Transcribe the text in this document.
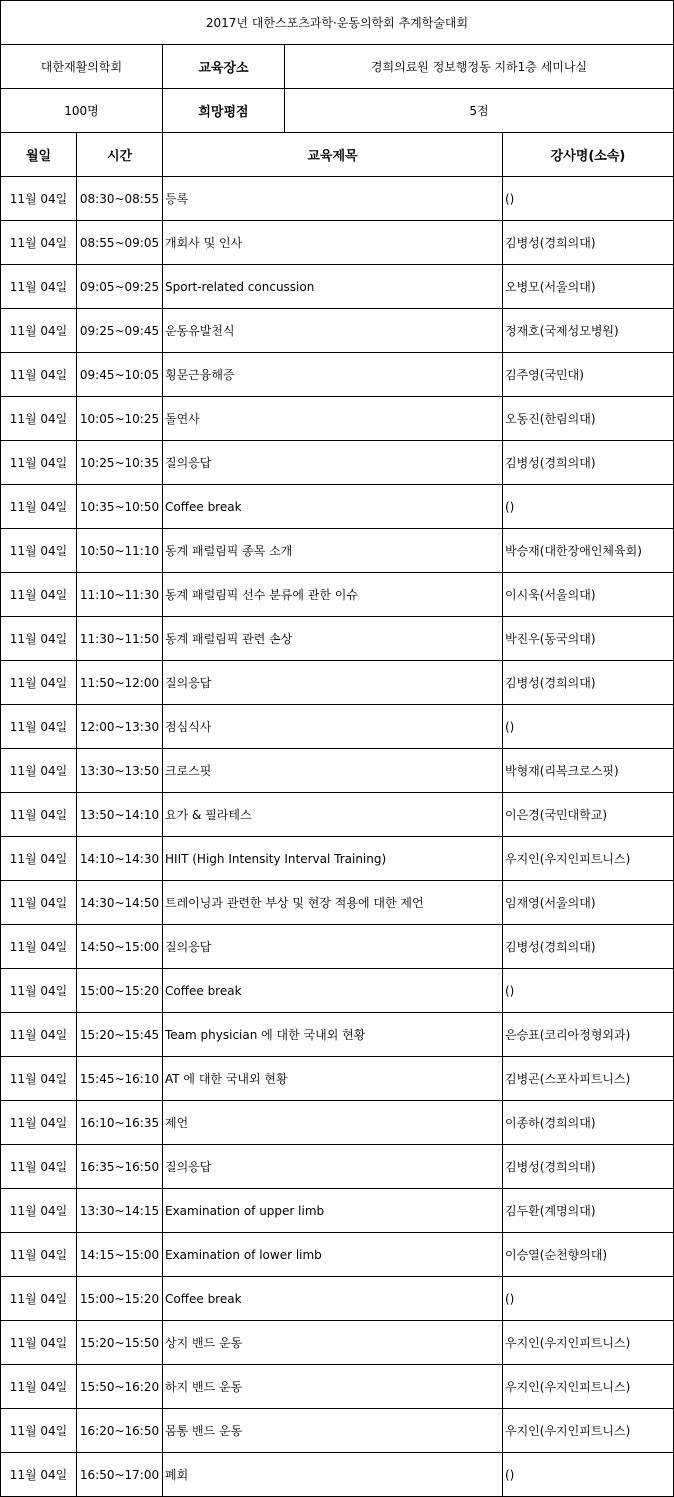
2017년 대한스포츠과학·운동의학회 추계학술대회
대한재활의학회	교육장소	경희의료원 정보행정동 지하1층 세미나실
100명	희망평점	5점
월일	시간	교육제목	강사명(소속)
11월 04일	08:30~08:55	등록	()
11월 04일	08:55~09:05	개회사 및 인사	김병성(경희의대)
11월 04일	09:05~09:25	Sport-related concussion	오병모(서울의대)
11월 04일	09:25~09:45	운동유발천식	정재호(국제성모병원)
11월 04일	09:45~10:05	횡문근융해증	김주영(국민대)
11월 04일	10:05~10:25	돌연사	오동진(한림의대)
11월 04일	10:25~10:35	질의응답	김병성(경희의대)
11월 04일	10:35~10:50	Coffee break	()
11월 04일	10:50~11:10	동계 패럴림픽 종목 소개	박승재(대한장애인체육회)
11월 04일	11:10~11:30	동계 패럴림픽 선수 분류에 관한 이슈	이시욱(서울의대)
11월 04일	11:30~11:50	동계 패럴림픽 관련 손상	박진우(동국의대)
11월 04일	11:50~12:00	질의응답	김병성(경희의대)
11월 04일	12:00~13:30	점심식사	()
11월 04일	13:30~13:50	크로스핏	박형재(리복크로스핏)
11월 04일	13:50~14:10	요가 & 필라테스	이은경(국민대학교)
11월 04일	14:10~14:30	HIIT (High Intensity Interval Training)	우지인(우지인피트니스)
11월 04일	14:30~14:50	트레이닝과 관련한 부상 및 현장 적용에 대한 제언	임재영(서울의대)
11월 04일	14:50~15:00	질의응답	김병성(경희의대)
11월 04일	15:00~15:20	Coffee break	()
11월 04일	15:20~15:45	Team physician 에 대한 국내외 현황	은승표(코리아정형외과)
11월 04일	15:45~16:10	AT 에 대한 국내외 현황	김병곤(스포사피트니스)
11월 04일	16:10~16:35	제언	이종하(경희의대)
11월 04일	16:35~16:50	질의응답	김병성(경희의대)
11월 04일	13:30~14:15	Examination of upper limb	김두환(계명의대)
11월 04일	14:15~15:00	Examination of lower limb	이승열(순천향의대)
11월 04일	15:00~15:20	Coffee break	()
11월 04일	15:20~15:50	상지 밴드 운동	우지인(우지인피트니스)
11월 04일	15:50~16:20	하지 밴드 운동	우지인(우지인피트니스)
11월 04일	16:20~16:50	몸통 밴드 운동	우지인(우지인피트니스)
11월 04일	16:50~17:00	폐회	()
